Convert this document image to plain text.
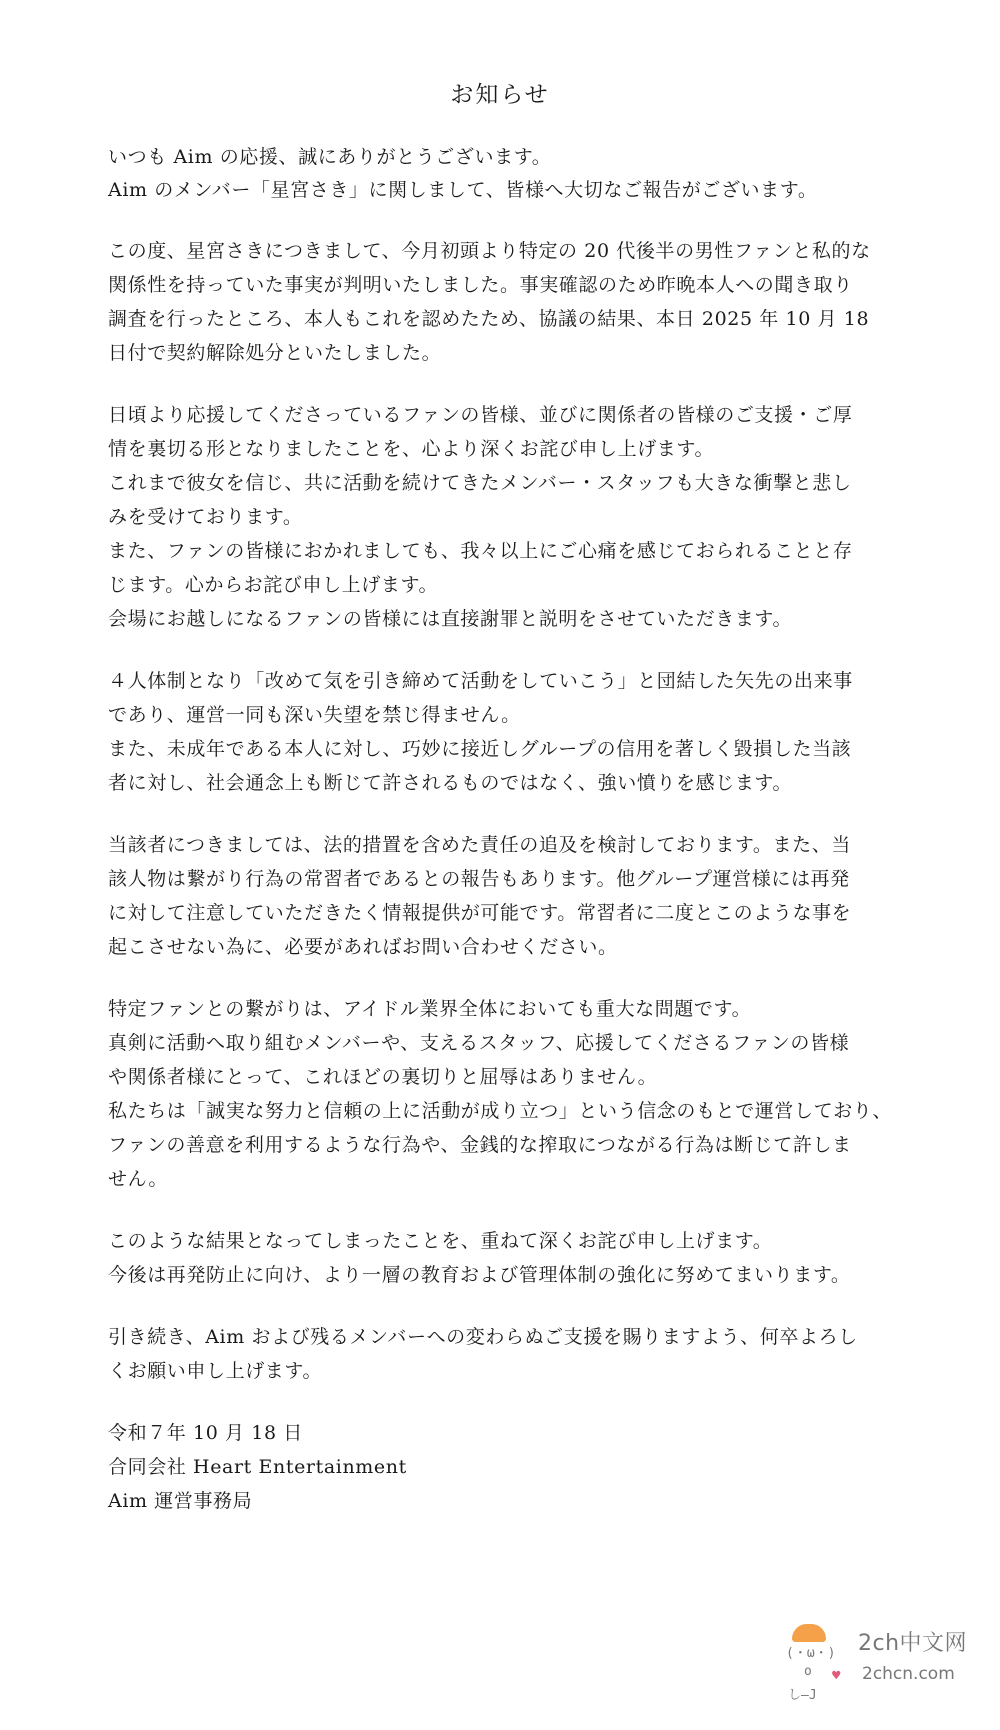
お知らせ
いつも Aim の応援、誠にありがとうございます。
Aim のメンバー「星宮さき」に関しまして、皆様へ大切なご報告がございます。
この度、星宮さきにつきまして、今月初頭より特定の 20 代後半の男性ファンと私的な
関係性を持っていた事実が判明いたしました。事実確認のため昨晩本人への聞き取り
調査を行ったところ、本人もこれを認めたため、協議の結果、本日 2025 年 10 月 18
日付で契約解除処分といたしました。
日頃より応援してくださっているファンの皆様、並びに関係者の皆様のご支援・ご厚
情を裏切る形となりましたことを、心より深くお詫び申し上げます。
これまで彼女を信じ、共に活動を続けてきたメンバー・スタッフも大きな衝撃と悲し
みを受けております。
また、ファンの皆様におかれましても、我々以上にご心痛を感じておられることと存
じます。心からお詫び申し上げます。
会場にお越しになるファンの皆様には直接謝罪と説明をさせていただきます。
４人体制となり「改めて気を引き締めて活動をしていこう」と団結した矢先の出来事
であり、運営一同も深い失望を禁じ得ません。
また、未成年である本人に対し、巧妙に接近しグループの信用を著しく毀損した当該
者に対し、社会通念上も断じて許されるものではなく、強い憤りを感じます。
当該者につきましては、法的措置を含めた責任の追及を検討しております。また、当
該人物は繋がり行為の常習者であるとの報告もあります。他グループ運営様には再発
に対して注意していただきたく情報提供が可能です。常習者に二度とこのような事を
起こさせない為に、必要があればお問い合わせください。
特定ファンとの繋がりは、アイドル業界全体においても重大な問題です。
真剣に活動へ取り組むメンバーや、支えるスタッフ、応援してくださるファンの皆様
や関係者様にとって、これほどの裏切りと屈辱はありません。
私たちは「誠実な努力と信頼の上に活動が成り立つ」という信念のもとで運営しており、
ファンの善意を利用するような行為や、金銭的な搾取につながる行為は断じて許しま
せん。
このような結果となってしまったことを、重ねて深くお詫び申し上げます。
今後は再発防止に向け、より一層の教育および管理体制の強化に努めてまいります。
引き続き、Aim および残るメンバーへの変わらぬご支援を賜りますよう、何卒よろし
くお願い申し上げます。
令和７年 10 月 18 日
合同会社 Heart Entertainment
Aim 運営事務局
(・ω・)
o ♥
し―J
2ch中文网
2chcn.com
